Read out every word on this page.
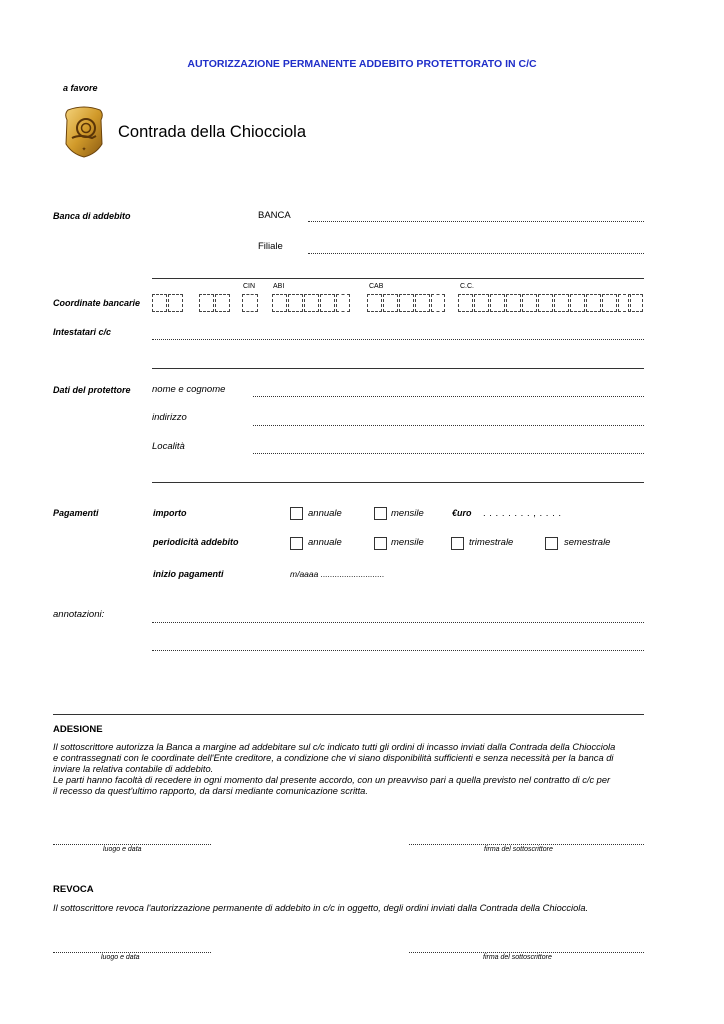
AUTORIZZAZIONE PERMANENTE ADDEBITO PROTETTORATO IN C/C
a favore
✦
Contrada della Chiocciola
Banca di addebito	BANCA
Filiale
CIN	ABI	CAB	C.C.
Coordinate bancarie
Intestatari c/c
Dati del protettore nome e cognome
indirizzo
Località
Pagamenti	importo	annuale	mensile	€uro . . . . . . . . , . . . .
periodicità addebito	annuale	mensile	trimestrale	semestrale
inizio pagamenti	m/aaaa ...........................
annotazioni:
ADESIONE
Il sottoscrittore autorizza la Banca a margine ad addebitare sul c/c indicato tutti gli ordini di incasso inviati dalla Contrada della Chiocciola
e contrassegnati con le coordinate dell'Ente creditore, a condizione che vi siano disponibilità sufficienti e senza necessità per la banca di
inviare la relativa contabile di addebito.
Le parti hanno facoltà di recedere in ogni momento dal presente accordo, con un preavviso pari a quella previsto nel contratto di c/c per
il recesso da quest'ultimo rapporto, da darsi mediante comunicazione scritta.
luogo e data	firma del sottoscrittore
REVOCA
Il sottoscrittore revoca l'autorizzazione permanente di addebito in c/c in oggetto, degli ordini inviati dalla Contrada della Chiocciola.
luogo e data	firma del sottoscrittore
